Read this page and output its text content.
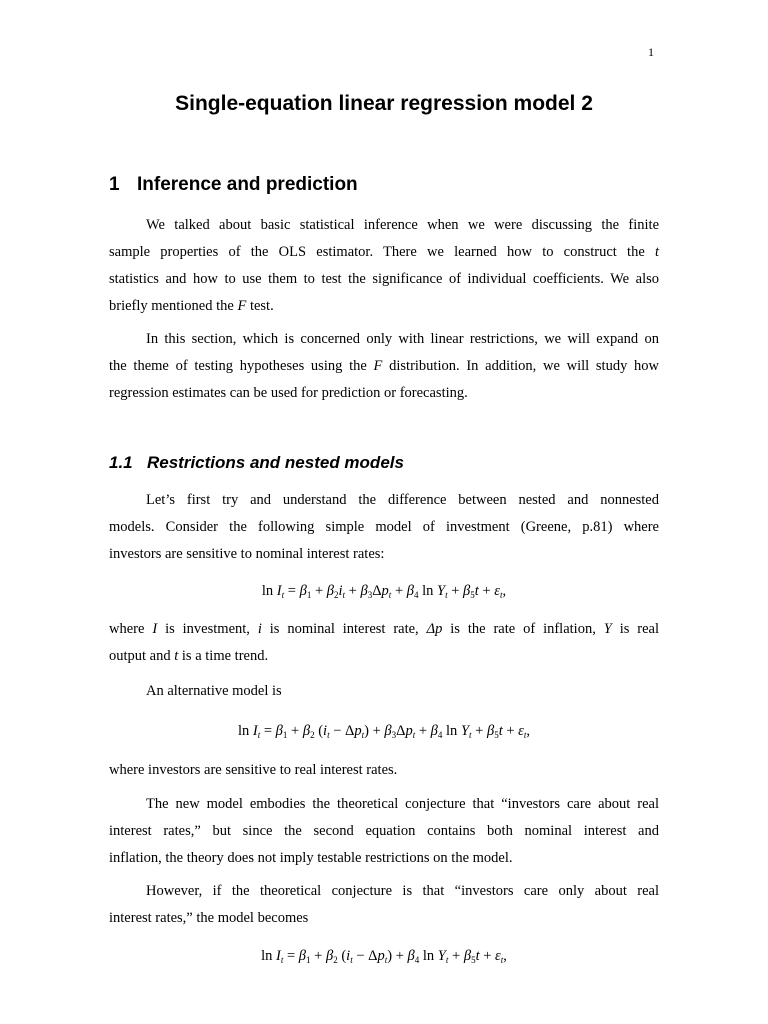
1
Single-equation linear regression model 2
1 Inference and prediction
We talked about basic statistical inference when we were discussing the finite
sample properties of the OLS estimator. There we learned how to construct the t
statistics and how to use them to test the significance of individual coefficients. We also
briefly mentioned the F test.
In this section, which is concerned only with linear restrictions, we will expand on
the theme of testing hypotheses using the F distribution. In addition, we will study how
regression estimates can be used for prediction or forecasting.
1.1 Restrictions and nested models
Let’s first try and understand the difference between nested and nonnested
models. Consider the following simple model of investment (Greene, p.81) where
investors are sensitive to nominal interest rates:
$\ln I_t = \beta_1 + \beta_2i_t + \beta_3\Delta p_t + \beta_4$ $\ln Y_t + \beta_5t + \varepsilon_t$,
where I is investment, i is nominal interest rate, Δp is the rate of inflation, Y is real
output and t is a time trend.
An alternative model is
$\ln I_t = \beta_1 + \beta_2$ $(i_t - \Delta p_t) + \beta_3\Delta p_t + \beta_4$ $\ln Y_t + \beta_5t + \varepsilon_t$,
where investors are sensitive to real interest rates.
The new model embodies the theoretical conjecture that “investors care about real
interest rates,” but since the second equation contains both nominal interest and
inflation, the theory does not imply testable restrictions on the model.
However, if the theoretical conjecture is that “investors care only about real
interest rates,” the model becomes
$\ln I_t = \beta_1 + \beta_2$ $(i_t - \Delta p_t) + \beta_4$ $\ln Y_t + \beta_5t + \varepsilon_t$,
